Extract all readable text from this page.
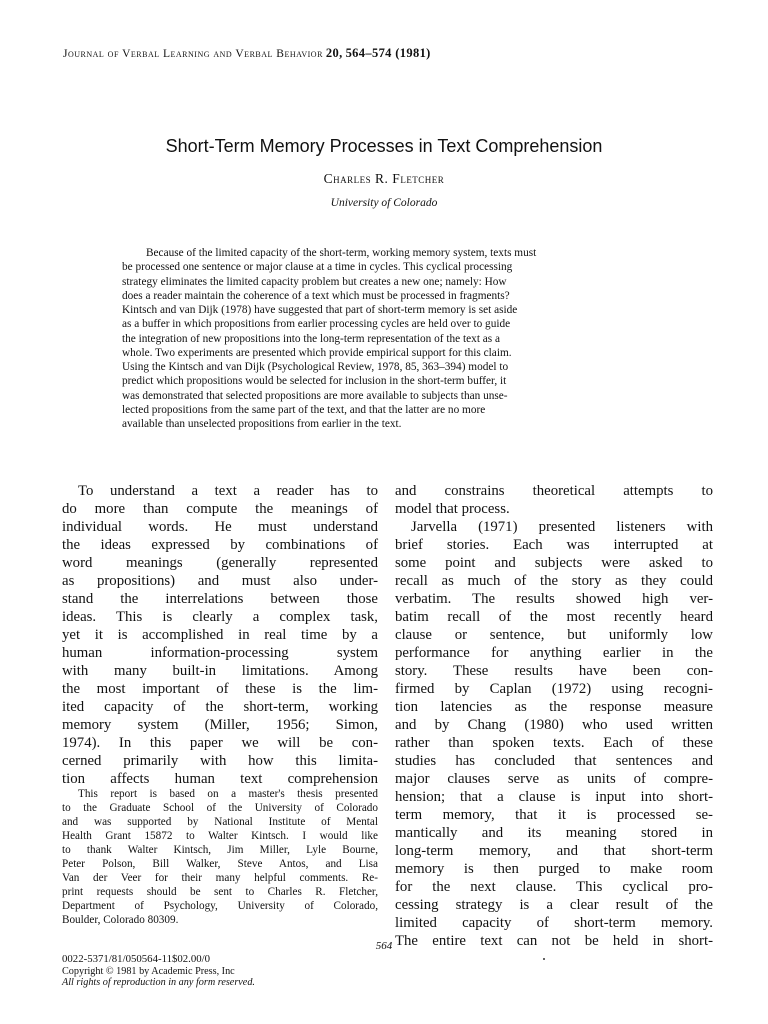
Journal of Verbal Learning and Verbal Behavior 20, 564–574 (1981)
Short-Term Memory Processes in Text Comprehension
Charles R. Fletcher
University of Colorado
Because of the limited capacity of the short-term, working memory system, texts must
be processed one sentence or major clause at a time in cycles. This cyclical processing
strategy eliminates the limited capacity problem but creates a new one; namely: How
does a reader maintain the coherence of a text which must be processed in fragments?
Kintsch and van Dijk (1978) have suggested that part of short-term memory is set aside
as a buffer in which propositions from earlier processing cycles are held over to guide
the integration of new propositions into the long-term representation of the text as a
whole. Two experiments are presented which provide empirical support for this claim.
Using the Kintsch and van Dijk (Psychological Review, 1978, 85, 363–394) model to
predict which propositions would be selected for inclusion in the short-term buffer, it
was demonstrated that selected propositions are more available to subjects than unse-
lected propositions from the same part of the text, and that the latter are no more
available than unselected propositions from earlier in the text.
To understand a text a reader has to
do more than compute the meanings of
individual words. He must understand
the ideas expressed by combinations of
word meanings (generally represented
as propositions) and must also under-
stand the interrelations between those
ideas. This is clearly a complex task,
yet it is accomplished in real time by a
human information-processing system
with many built-in limitations. Among
the most important of these is the lim-
ited capacity of the short-term, working
memory system (Miller, 1956; Simon,
1974). In this paper we will be con-
cerned primarily with how this limita-
tion affects human text comprehension
This report is based on a master's thesis presented
to the Graduate School of the University of Colorado
and was supported by National Institute of Mental
Health Grant 15872 to Walter Kintsch. I would like
to thank Walter Kintsch, Jim Miller, Lyle Bourne,
Peter Polson, Bill Walker, Steve Antos, and Lisa
Van der Veer for their many helpful comments. Re-
print requests should be sent to Charles R. Fletcher,
Department of Psychology, University of Colorado,
Boulder, Colorado 80309.
and constrains theoretical attempts to
model that process.
Jarvella (1971) presented listeners with
brief stories. Each was interrupted at
some point and subjects were asked to
recall as much of the story as they could
verbatim. The results showed high ver-
batim recall of the most recently heard
clause or sentence, but uniformly low
performance for anything earlier in the
story. These results have been con-
firmed by Caplan (1972) using recogni-
tion latencies as the response measure
and by Chang (1980) who used written
rather than spoken texts. Each of these
studies has concluded that sentences and
major clauses serve as units of compre-
hension; that a clause is input into short-
term memory, that it is processed se-
mantically and its meaning stored in
long-term memory, and that short-term
memory is then purged to make room
for the next clause. This cyclical pro-
cessing strategy is a clear result of the
limited capacity of short-term memory.
The entire text can not be held in short-
564
0022-5371/81/050564-11$02.00/0
Copyright © 1981 by Academic Press, Inc
All rights of reproduction in any form reserved.
